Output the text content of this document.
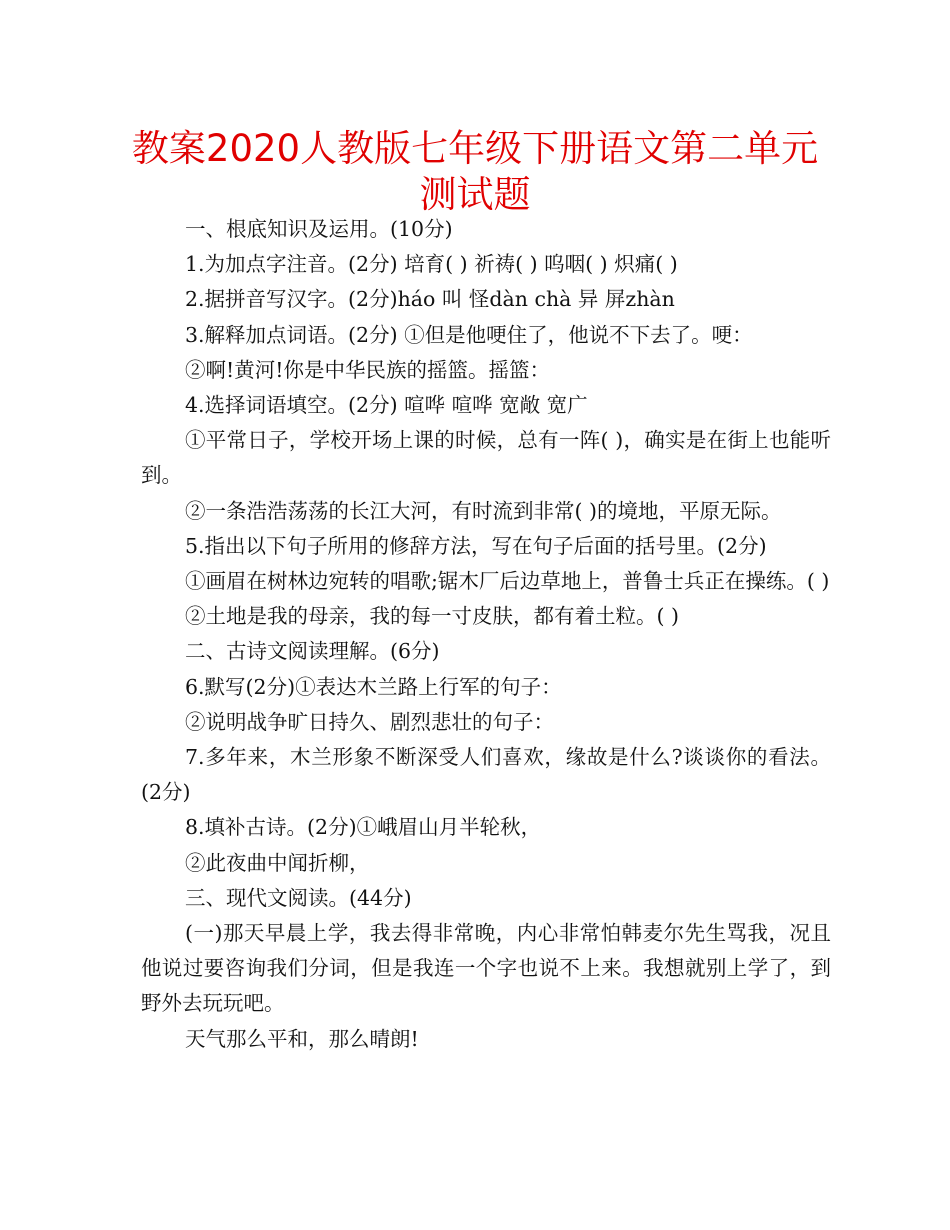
教案2020人教版七年级下册语文第二单元
测试题

一、根底知识及运用。(10分)

1.为加点字注音。(2分) 培育( ) 祈祷( ) 呜咽( ) 炽痛( )

2.据拼音写汉字。(2分)háo 叫 怪dàn chà 异 屏zhàn

3.解释加点词语。(2分) ①但是他哽住了，他说不下去了。哽：

②啊!黄河!你是中华民族的摇篮。摇篮：

4.选择词语填空。(2分) 喧哗 喧哗 宽敞 宽广

①平常日子，学校开场上课的时候，总有一阵( )，确实是在街上也能听到。

②一条浩浩荡荡的长江大河，有时流到非常( )的境地，平原无际。

5.指出以下句子所用的修辞方法，写在句子后面的括号里。(2分)

①画眉在树林边宛转的唱歌;锯木厂后边草地上，普鲁士兵正在操练。( )

②土地是我的母亲，我的每一寸皮肤，都有着土粒。( )

二、古诗文阅读理解。(6分)

6.默写(2分)①表达木兰路上行军的句子：

②说明战争旷日持久、剧烈悲壮的句子：

7.多年来，木兰形象不断深受人们喜欢，缘故是什么?谈谈你的看法。(2分)

8.填补古诗。(2分)①峨眉山月半轮秋，

②此夜曲中闻折柳，

三、现代文阅读。(44分)

(一)那天早晨上学，我去得非常晚，内心非常怕韩麦尔先生骂我，况且他说过要咨询我们分词，但是我连一个字也说不上来。我想就别上学了，到野外去玩玩吧。

天气那么平和，那么晴朗!
